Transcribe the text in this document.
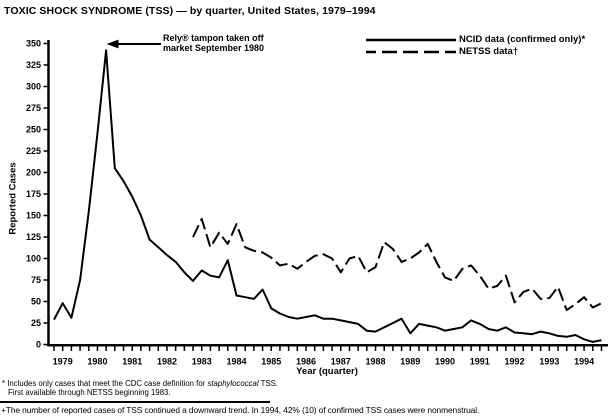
TOXIC SHOCK SYNDROME (TSS) — by quarter, United States, 1979–1994
0
25
50
75
100
125
150
175
200
225
250
275
300
325
350
1979 1980 1981 1982 1983 1984 1985 1986 1987 1988 1989 1990 1991 1992 1993 1994
NCID data (confirmed only)*
NETSS data†
Rely® tampon taken off
market September 1980
Reported Cases
Year (quarter)
* Includes only cases that meet the CDC case definition for staphylococcal TSS.
First available through NETSS beginning 1983.
+The number of reported cases of TSS continued a downward trend. In 1994, 42% (10) of confirmed TSS cases were nonmenstrual.
